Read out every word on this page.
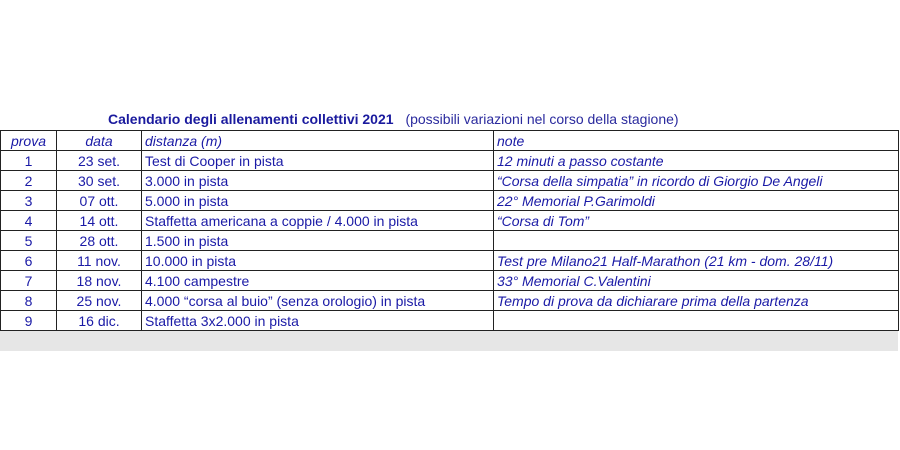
Calendario degli allenamenti collettivi 2021 (possibili variazioni nel corso della stagione)
prova	data	distanza (m)	note
1	23 set.	Test di Cooper in pista	12 minuti a passo costante
2	30 set.	3.000 in pista	“Corsa della simpatia” in ricordo di Giorgio De Angeli
3	07 ott.	5.000 in pista	22° Memorial P.Garimoldi
4	14 ott.	Staffetta americana a coppie / 4.000 in pista	“Corsa di Tom”
5	28 ott.	1.500 in pista	
6	11 nov.	10.000 in pista	Test pre Milano21 Half-Marathon (21 km - dom. 28/11)
7	18 nov.	4.100 campestre	33° Memorial C.Valentini
8	25 nov.	4.000 “corsa al buio” (senza orologio) in pista	Tempo di prova da dichiarare prima della partenza
9	16 dic.	Staffetta 3x2.000 in pista	
